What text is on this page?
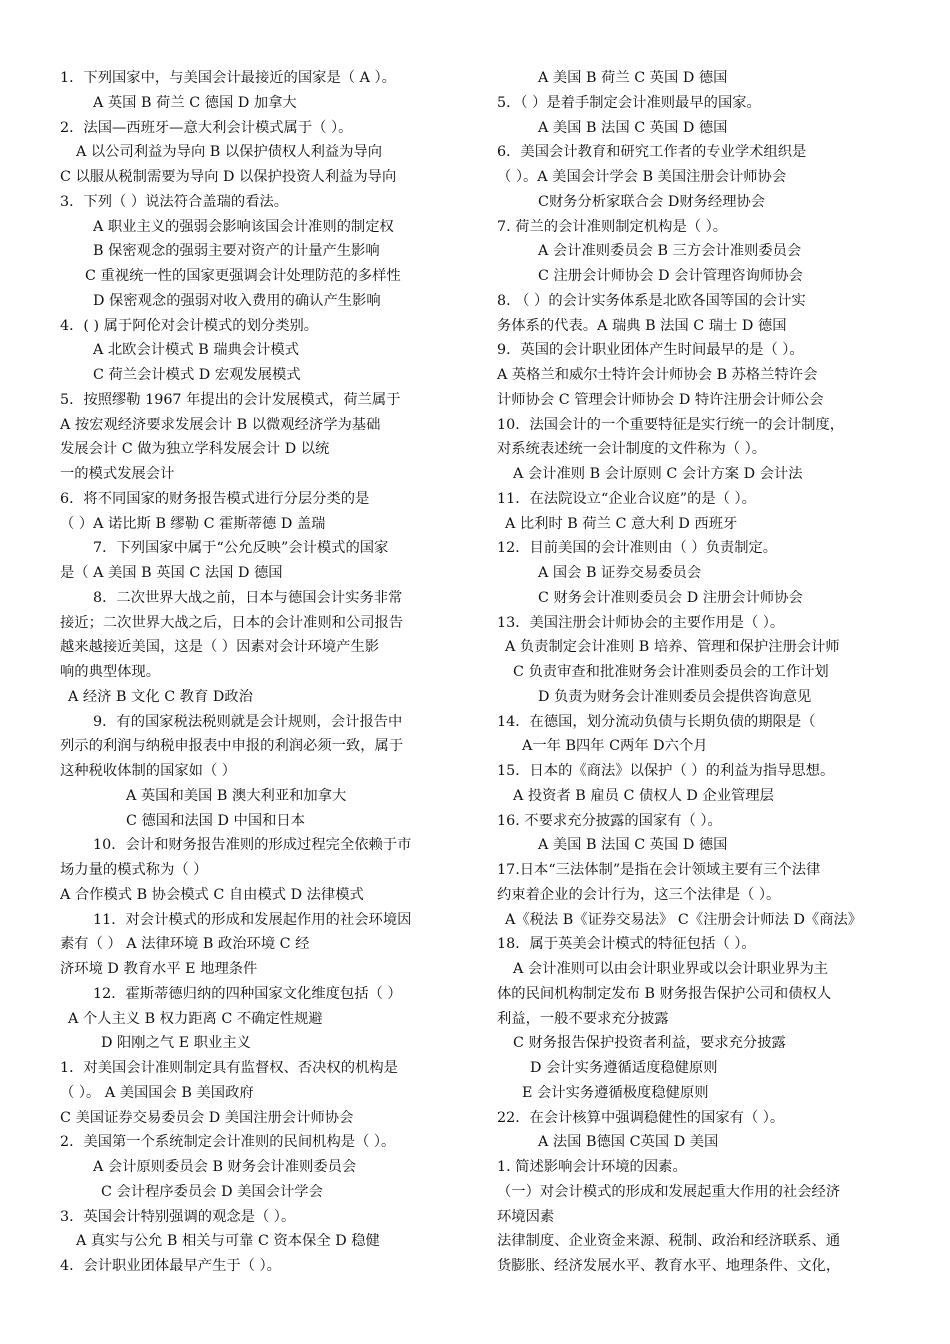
1．下列国家中，与美国会计最接近的国家是（ A ）。
A 英国 B 荷兰 C 德国 D 加拿大
2．法国—西班牙—意大利会计模式属于（ ）。
A 以公司利益为导向 B 以保护债权人利益为导向
C 以服从税制需要为导向 D 以保护投资人利益为导向
3．下列（ ）说法符合盖瑞的看法。
A 职业主义的强弱会影响该国会计准则的制定权
B 保密观念的强弱主要对资产的计量产生影响
C 重视统一性的国家更强调会计处理防范的多样性
D 保密观念的强弱对收入费用的确认产生影响
4．( ) 属于阿伦对会计模式的划分类别。
A 北欧会计模式 B 瑞典会计模式
C 荷兰会计模式 D 宏观发展模式
5．按照缪勒 1967 年提出的会计发展模式，荷兰属于
A 按宏观经济要求发展会计 B 以微观经济学为基础
发展会计 C 做为独立学科发展会计 D 以统
一的模式发展会计
6．将不同国家的财务报告模式进行分层分类的是
（ ）A 诺比斯 B 缪勒 C 霍斯蒂德 D 盖瑞
7．下列国家中属于“公允反映”会计模式的国家
是（ A 美国 B 英国 C 法国 D 德国
8．二次世界大战之前，日本与德国会计实务非常
接近；二次世界大战之后，日本的会计准则和公司报告
越来越接近美国，这是（ ）因素对会计环境产生影
响的典型体现。
A 经济 B 文化 C 教育 D政治
9．有的国家税法税则就是会计规则，会计报告中
列示的利润与纳税申报表中申报的利润必须一致，属于
这种税收体制的国家如（ ）
A 英国和美国 B 澳大利亚和加拿大
C 德国和法国 D 中国和日本
10．会计和财务报告准则的形成过程完全依赖于市
场力量的模式称为（ ）
A 合作模式 B 协会模式 C 自由模式 D 法律模式
11．对会计模式的形成和发展起作用的社会环境因
素有（ ） A 法律环境 B 政治环境 C 经
济环境 D 教育水平 E 地理条件
12．霍斯蒂德归纳的四种国家文化维度包括（ ）
A 个人主义 B 权力距离 C 不确定性规避
D 阳刚之气 E 职业主义
1．对美国会计准则制定具有监督权、否决权的机构是
（ ）。 A 美国国会 B 美国政府
C 美国证券交易委员会 D 美国注册会计师协会
2．美国第一个系统制定会计准则的民间机构是（ ）。
A 会计原则委员会 B 财务会计准则委员会
C 会计程序委员会 D 美国会计学会
3．英国会计特别强调的观念是（ ）。
A 真实与公允 B 相关与可靠 C 资本保全 D 稳健
4．会计职业团体最早产生于（ ）。
A 美国 B 荷兰 C 英国 D 德国
5．（ ）是着手制定会计准则最早的国家。
A 美国 B 法国 C 英国 D 德国
6．美国会计教育和研究工作者的专业学术组织是
（ ）。A 美国会计学会 B 美国注册会计师协会
C财务分析家联合会 D财务经理协会
7. 荷兰的会计准则制定机构是（ ）。
A 会计准则委员会 B 三方会计准则委员会
C 注册会计师协会 D 会计管理咨询师协会
8. （ ）的会计实务体系是北欧各国等国的会计实
务体系的代表。A 瑞典 B 法国 C 瑞士 D 德国
9．英国的会计职业团体产生时间最早的是（ ）。
A 英格兰和威尔士特许会计师协会 B 苏格兰特许会
计师协会 C 管理会计师协会 D 特许注册会计师公会
10．法国会计的一个重要特征是实行统一的会计制度，
对系统表述统一会计制度的文件称为（ ）。
A 会计准则 B 会计原则 C 会计方案 D 会计法
11．在法院设立“企业合议庭”的是（ ）。
A 比利时 B 荷兰 C 意大利 D 西班牙
12．目前美国的会计准则由（ ）负责制定。
A 国会 B 证券交易委员会
C 财务会计准则委员会 D 注册会计师协会
13．美国注册会计师协会的主要作用是（ ）。
A 负责制定会计准则 B 培养、管理和保护注册会计师
C 负责审查和批准财务会计准则委员会的工作计划
D 负责为财务会计准则委员会提供咨询意见
14．在德国，划分流动负债与长期负债的期限是（
A一年 B四年 C两年 D六个月
15．日本的《商法》以保护（ ）的利益为指导思想。
A 投资者 B 雇员 C 债权人 D 企业管理层
16. 不要求充分披露的国家有（ ）。
A 美国 B 法国 C 英国 D 德国
17.日本“三法体制”是指在会计领域主要有三个法律
约束着企业的会计行为，这三个法律是（ ）。
A《税法 B《证券交易法》 C《注册会计师法 D《商法》
18．属于英美会计模式的特征包括（ ）。
A 会计准则可以由会计职业界或以会计职业界为主
体的民间机构制定发布 B 财务报告保护公司和债权人
利益，一般不要求充分披露
C 财务报告保护投资者利益，要求充分披露
D 会计实务遵循适度稳健原则
E 会计实务遵循极度稳健原则
22．在会计核算中强调稳健性的国家有（ ）。
A 法国 B德国 C英国 D 美国
1. 简述影响会计环境的因素。
（一）对会计模式的形成和发展起重大作用的社会经济
环境因素
法律制度、企业资金来源、税制、政治和经济联系、通
货膨胀、经济发展水平、教育水平、地理条件、文化，
